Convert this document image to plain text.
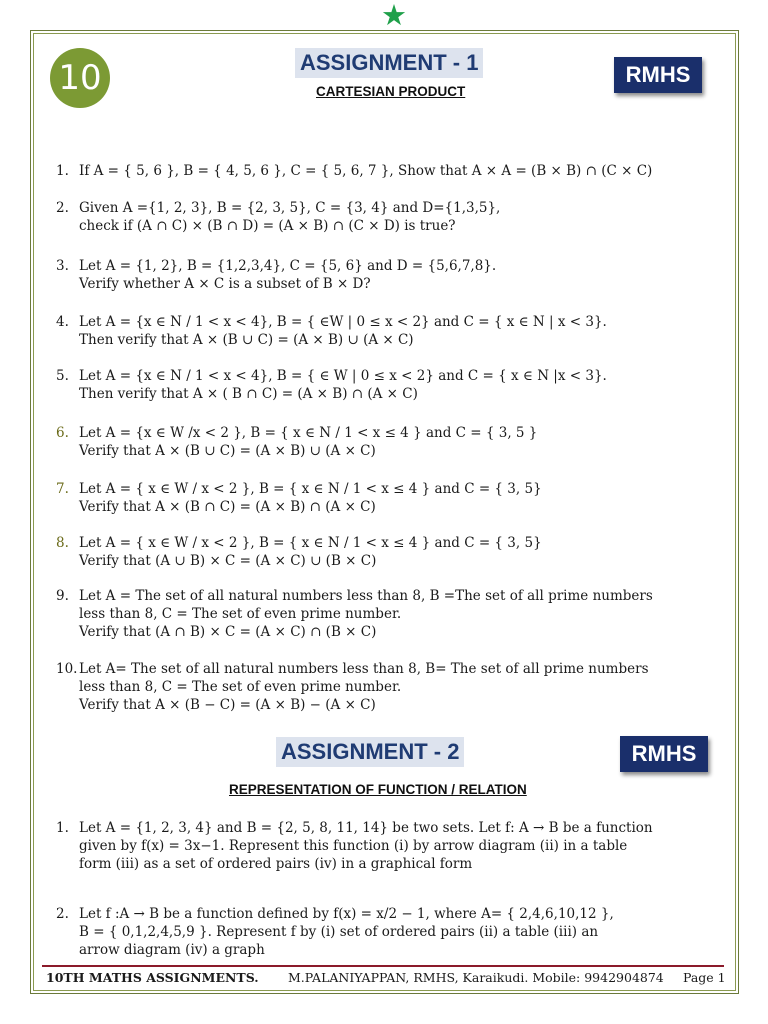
★
10	ASSIGNMENT - 1
CARTESIAN PRODUCT
RMHS
1. If A = { 5, 6 }, B = { 4, 5, 6 }, C = { 5, 6, 7 }, Show that A × A = (B × B) ∩ (C × C)
2. Given A ={1, 2, 3}, B = {2, 3, 5}, C = {3, 4} and D={1,3,5},
check if (A ∩ C) × (B ∩ D) = (A × B) ∩ (C × D) is true?
3. Let A = {1, 2}, B = {1,2,3,4}, C = {5, 6} and D = {5,6,7,8}.
Verify whether A × C is a subset of B × D?
4. Let A = {x ∈ N / 1 < x < 4}, B = { ∈W | 0 ≤ x < 2} and C = { x ∈ N | x < 3}.
Then verify that A × (B ∪ C) = (A × B) ∪ (A × C)
5. Let A = {x ∈ N / 1 < x < 4}, B = { ∈ W | 0 ≤ x < 2} and C = { x ∈ N |x < 3}.
Then verify that A × ( B ∩ C) = (A × B) ∩ (A × C)
6. Let A = {x ∈ W /x < 2 }, B = { x ∈ N / 1 < x ≤ 4 } and C = { 3, 5 }
Verify that A × (B ∪ C) = (A × B) ∪ (A × C)
7. Let A = { x ∈ W / x < 2 }, B = { x ∈ N / 1 < x ≤ 4 } and C = { 3, 5}
Verify that A × (B ∩ C) = (A × B) ∩ (A × C)
8. Let A = { x ∈ W / x < 2 }, B = { x ∈ N / 1 < x ≤ 4 } and C = { 3, 5}
Verify that (A ∪ B) × C = (A × C) ∪ (B × C)
9. Let A = The set of all natural numbers less than 8, B =The set of all prime numbers
less than 8, C = The set of even prime number.
Verify that (A ∩ B) × C = (A × C) ∩ (B × C)
10. Let A= The set of all natural numbers less than 8, B= The set of all prime numbers
less than 8, C = The set of even prime number.
Verify that A × (B − C) = (A × B) − (A × C)
ASSIGNMENT - 2
REPRESENTATION OF FUNCTION / RELATION
RMHS
1. Let A = {1, 2, 3, 4} and B = {2, 5, 8, 11, 14} be two sets. Let f: A → B be a function
given by f(x) = 3x−1. Represent this function (i) by arrow diagram (ii) in a table
form (iii) as a set of ordered pairs (iv) in a graphical form
2. Let f :A → B be a function defined by f(x) = x/2 − 1, where A= { 2,4,6,10,12 },
B = { 0,1,2,4,5,9 }. Represent f by (i) set of ordered pairs (ii) a table (iii) an
arrow diagram (iv) a graph
10TH MATHS ASSIGNMENTS. M.PALANIYAPPAN, RMHS, Karaikudi. Mobile: 9942904874 Page 1
